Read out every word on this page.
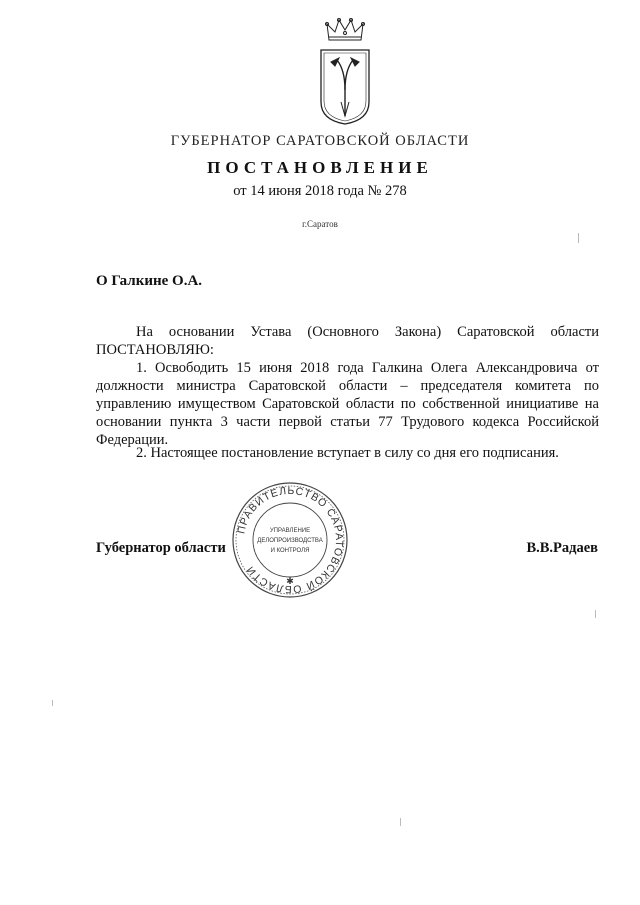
ГУБЕРНАТОР САРАТОВСКОЙ ОБЛАСТИ
ПОСТАНОВЛЕНИЕ
от 14 июня 2018 года № 278
г.Саратов
О Галкине О.А.

На основании Устава (Основного Закона) Саратовской области ПОСТАНОВЛЯЮ:

1. Освободить 15 июня 2018 года Галкина Олега Александровича от должности министра Саратовской области – председателя комитета по управлению имуществом Саратовской области по собственной инициативе на основании пункта 3 части первой статьи 77 Трудового кодекса Российской Федерации.

2. Настоящее постановление вступает в силу со дня его подписания.

Губернатор области	В.В.Радаев
ПРАВИТЕЛЬСТВО САРАТОВСКОЙ ОБЛАСТИ
УПРАВЛЕНИЕ
ДЕЛОПРОИЗВОДСТВА
И КОНТРОЛЯ
✱
